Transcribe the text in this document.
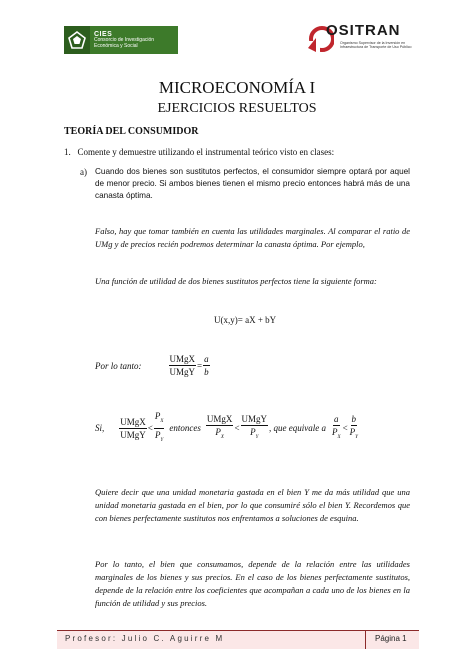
CIES
Consorcio de Investigación
Económica y Social
OSITRAN
Organismo Supervisor de la Inversión en Infraestructura de Transporte de Uso Público
MICROECONOMÍA I
EJERCICIOS RESUELTOS
TEORÍA DEL CONSUMIDOR
1.   Comente y demuestre utilizando el instrumental teórico visto en clases:
a) Cuando dos bienes son sustitutos perfectos, el consumidor siempre optará por aquel de menor precio. Si ambos bienes tienen el mismo precio entonces habrá más de una canasta óptima.
Falso, hay que tomar también en cuenta las utilidades marginales. Al comparar el ratio de UMg y de precios recién podremos determinar la canasta óptima. Por ejemplo,
Una función de utilidad de dos bienes sustitutos perfectos tiene la siguiente forma:
U(x,y)= aX + bY
Por lo tanto:	$\frac{\text{UMgX}}{\text{UMgY}} = \frac{a}{b}$
Si, $\frac{\text{UMgX}}{\text{UMgY}} < \frac{P_X}{P_Y}$ entonces $\frac{\text{UMgX}}{P_X} < \frac{\text{UMgY}}{P_Y}$ , que equivale a $\frac{a}{P_X} < \frac{b}{P_Y}$
Quiere decir que una unidad monetaria gastada en el bien Y me da más utilidad que una unidad monetaria gastada en el bien, por lo que consumiré sólo el bien Y. Recordemos que con bienes perfectamente sustitutos nos enfrentamos a soluciones de esquina.
Por lo tanto, el bien que consumamos, depende de la relación entre las utilidades marginales de los bienes y sus precios. En el caso de los bienes perfectamente sustitutos, depende de la relación entre los coeficientes que acompañan a cada uno de los bienes en la función de utilidad y sus precios.
Profesor: Julio C. Aguirre M	Página 1
